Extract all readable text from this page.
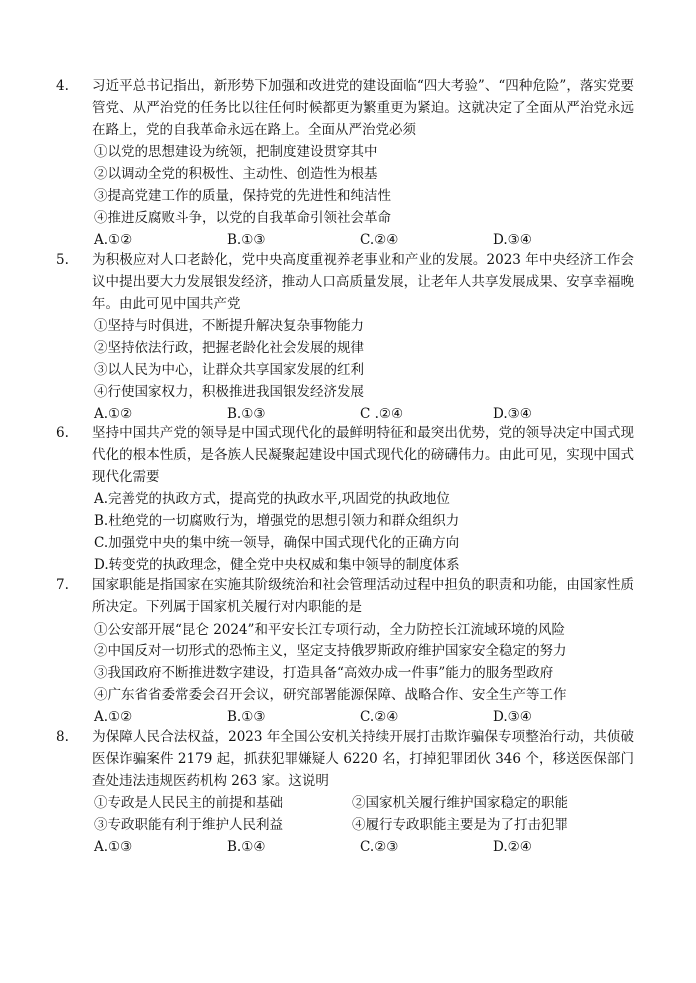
4. 习近平总书记指出，新形势下加强和改进党的建设面临“四大考验”、“四种危险”，落实党要管党、从严治党的任务比以往任何时候都更为繁重更为紧迫。这就决定了全面从严治党永远在路上，党的自我革命永远在路上。全面从严治党必须

①以党的思想建设为统领，把制度建设贯穿其中
②以调动全党的积极性、主动性、创造性为根基
③提高党建工作的质量，保持党的先进性和纯洁性
④推进反腐败斗争，以党的自我革命引领社会革命
A.①②	B.①③	C.②④	D.③④

5. 为积极应对人口老龄化，党中央高度重视养老事业和产业的发展。2023 年中央经济工作会议中提出要大力发展银发经济，推动人口高质量发展，让老年人共享发展成果、安享幸福晚年。由此可见中国共产党

①坚持与时俱进，不断提升解决复杂事物能力
②坚持依法行政，把握老龄化社会发展的规律
③以人民为中心，让群众共享国家发展的红利
④行使国家权力，积极推进我国银发经济发展
A.①②	B.①③	C .②④	D.③④

6. 坚持中国共产党的领导是中国式现代化的最鲜明特征和最突出优势，党的领导决定中国式现代化的根本性质，是各族人民凝聚起建设中国式现代化的磅礴伟力。由此可见，实现中国式现代化需要

A.完善党的执政方式，提高党的执政水平,巩固党的执政地位
B.杜绝党的一切腐败行为，增强党的思想引领力和群众组织力
C.加强党中央的集中统一领导，确保中国式现代化的正确方向
D.转变党的执政理念，健全党中央权威和集中领导的制度体系

7. 国家职能是指国家在实施其阶级统治和社会管理活动过程中担负的职责和功能，由国家性质所决定。下列属于国家机关履行对内职能的是

①公安部开展“昆仑 2024”和平安长江专项行动，全力防控长江流域环境的风险
②中国反对一切形式的恐怖主义，坚定支持俄罗斯政府维护国家安全稳定的努力
③我国政府不断推进数字建设，打造具备“高效办成一件事”能力的服务型政府
④广东省省委常委会召开会议，研究部署能源保障、战略合作、安全生产等工作
A.①②	B.①③	C.②④	D.③④

8. 为保障人民合法权益，2023 年全国公安机关持续开展打击欺诈骗保专项整治行动，共侦破医保诈骗案件 2179 起，抓获犯罪嫌疑人 6220 名，打掉犯罪团伙 346 个，移送医保部门查处违法违规医药机构 263 家。这说明

①专政是人民民主的前提和基础	②国家机关履行维护国家稳定的职能
③专政职能有利于维护人民利益	④履行专政职能主要是为了打击犯罪
A.①③	B.①④	C.②③	D.②④
